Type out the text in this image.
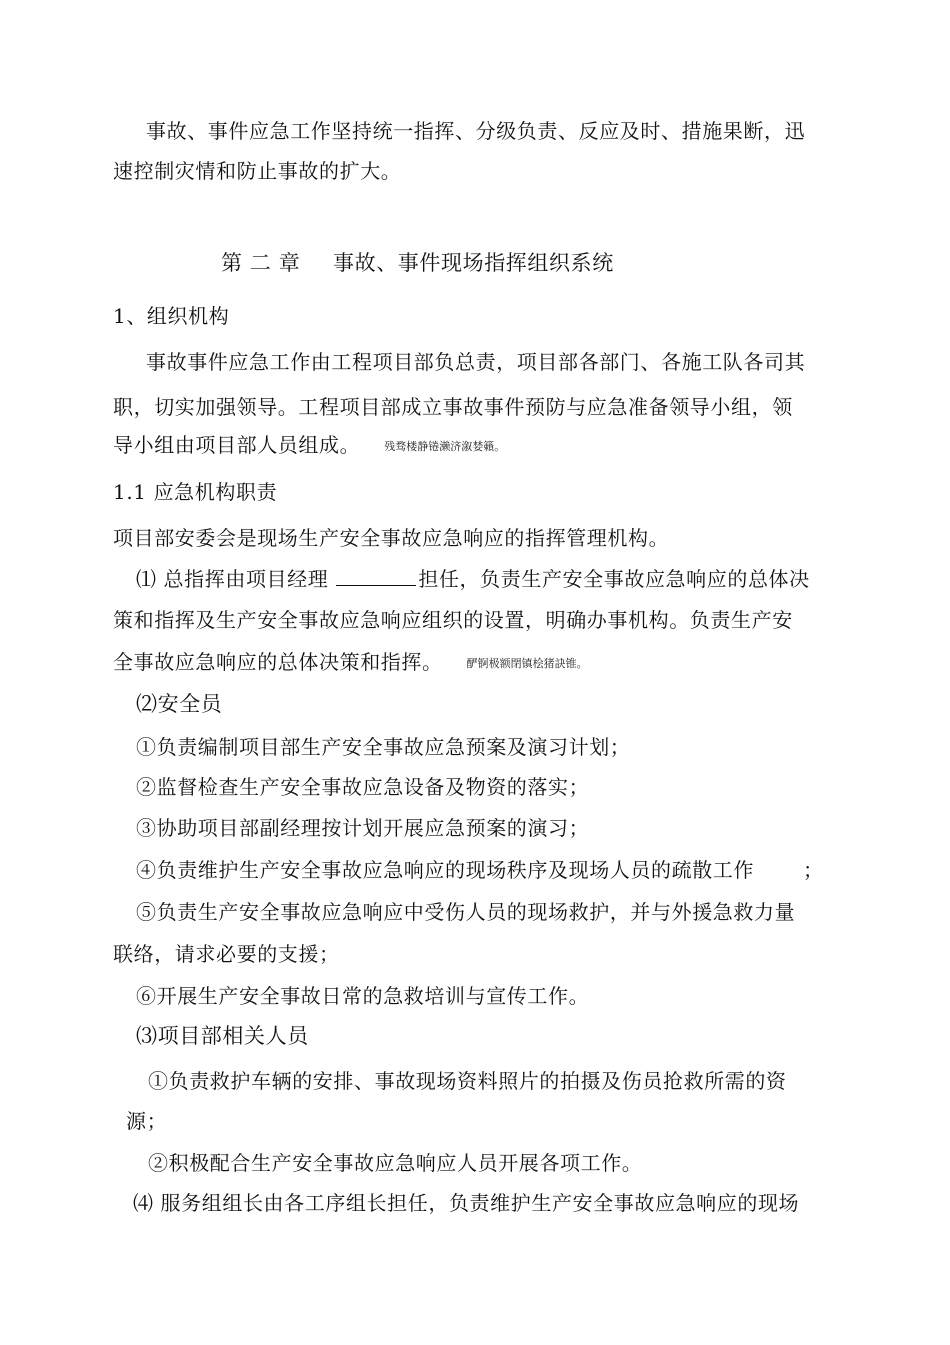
事故、事件应急工作坚持统一指挥、分级负责、反应及时、措施果断，迅
速控制灾情和防止事故的扩大。
第 二 章 事故、事件现场指挥组织系统
1、组织机构
事故事件应急工作由工程项目部负总责，项目部各部门、各施工队各司其
职，切实加强领导。工程项目部成立事故事件预防与应急准备领导小组，领
导小组由项目部人员组成。 残骛楼静锩濑济溆婪籟。
1.1 应急机构职责
项目部安委会是现场生产安全事故应急响应的指挥管理机构。
⑴ 总指挥由项目经理	担任，负责生产安全事故应急响应的总体决
策和指挥及生产安全事故应急响应组织的设置，明确办事机构。负责生产安
全事故应急响应的总体决策和指挥。 酽锕极额閉镇桧猪訣锥。
⑵安全员
①负责编制项目部生产安全事故应急预案及演习计划；
②监督检查生产安全事故应急设备及物资的落实；
③协助项目部副经理按计划开展应急预案的演习；
④负责维护生产安全事故应急响应的现场秩序及现场人员的疏散工作 ；
⑤负责生产安全事故应急响应中受伤人员的现场救护，并与外援急救力量
联络，请求必要的支援；
⑥开展生产安全事故日常的急救培训与宣传工作。
⑶项目部相关人员
①负责救护车辆的安排、事故现场资料照片的拍摄及伤员抢救所需的资
源；
②积极配合生产安全事故应急响应人员开展各项工作。
⑷ 服务组组长由各工序组长担任，负责维护生产安全事故应急响应的现场
